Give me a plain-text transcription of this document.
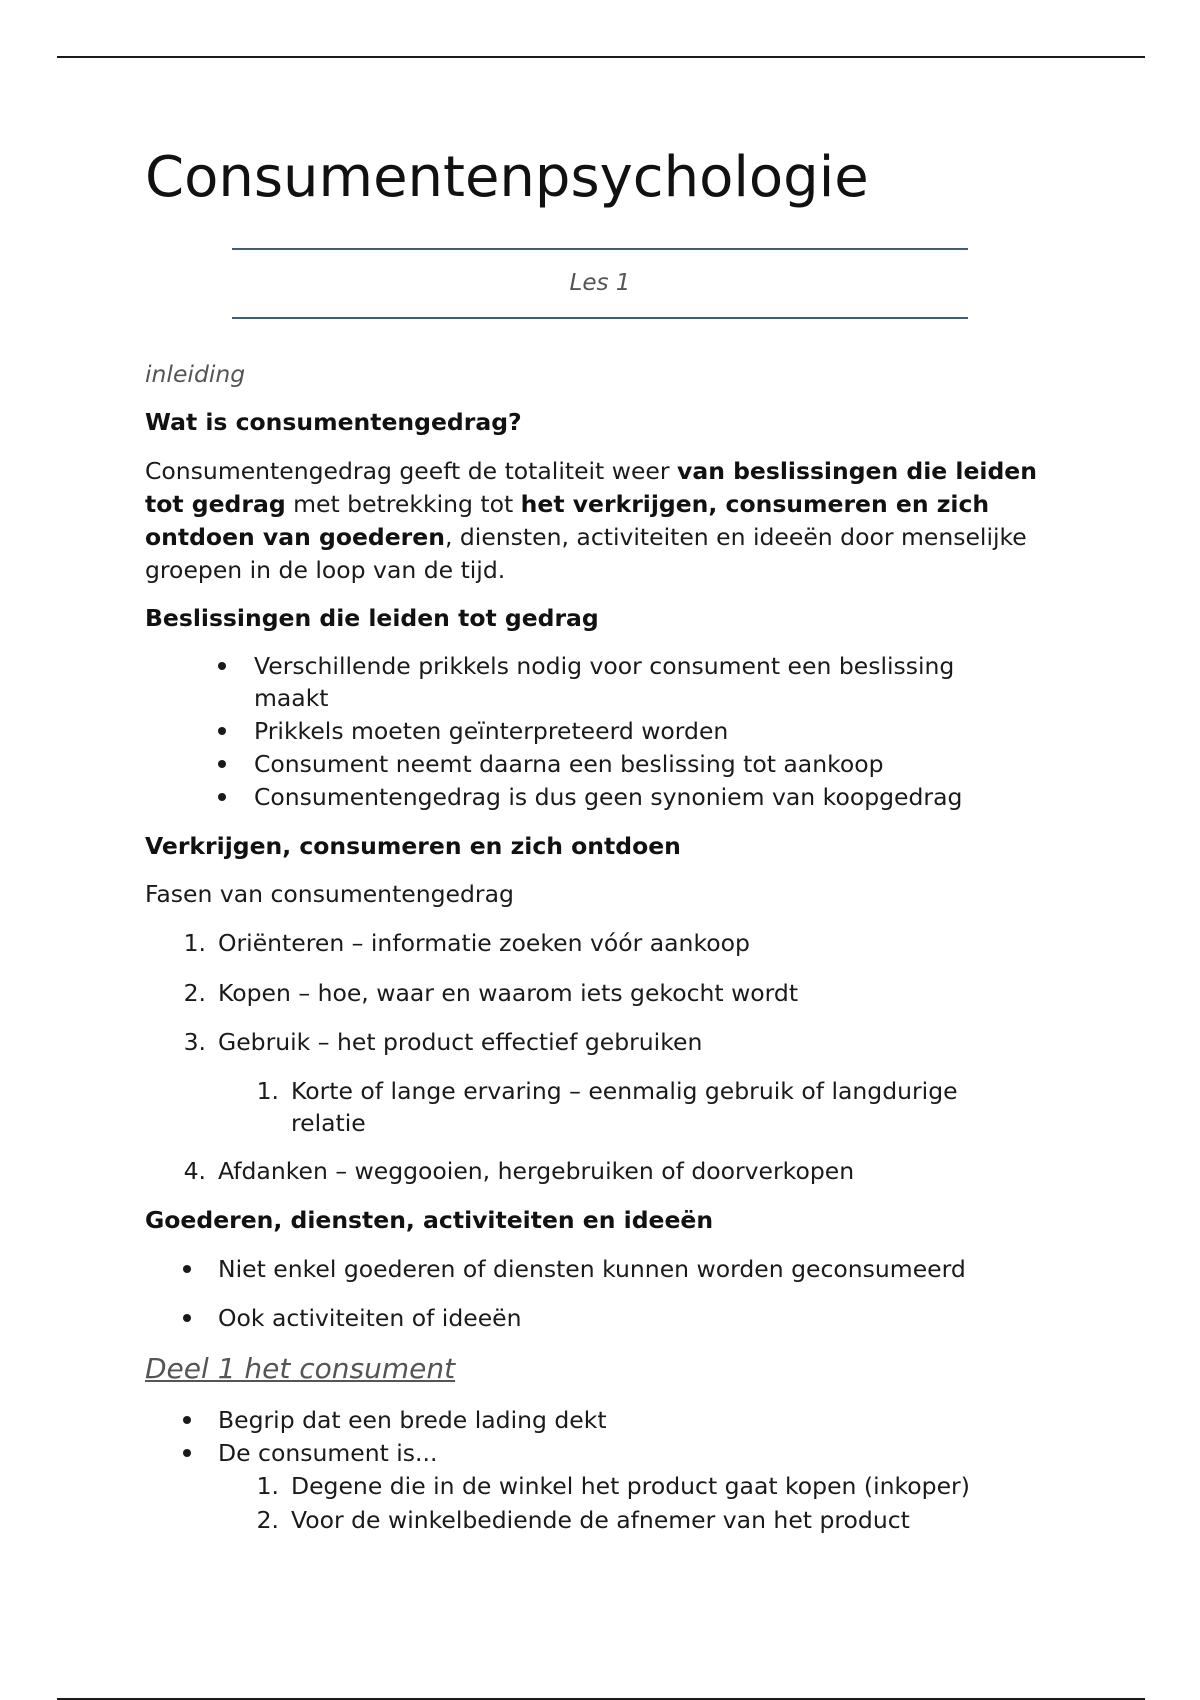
Consumentenpsychologie
Les 1
inleiding
Wat is consumentengedrag?
Consumentengedrag geeft de totaliteit weer van beslissingen die leiden tot gedrag met betrekking tot het verkrijgen, consumeren en zich ontdoen van goederen, diensten, activiteiten en ideeën door menselijke groepen in de loop van de tijd.
Beslissingen die leiden tot gedrag
Verschillende prikkels nodig voor consument een beslissing
maakt
Prikkels moeten geïnterpreteerd worden
Consument neemt daarna een beslissing tot aankoop
Consumentengedrag is dus geen synoniem van koopgedrag
Verkrijgen, consumeren en zich ontdoen
Fasen van consumentengedrag
1. Oriënteren – informatie zoeken vóór aankoop
2. Kopen – hoe, waar en waarom iets gekocht wordt
3. Gebruik – het product effectief gebruiken
1. Korte of lange ervaring – eenmalig gebruik of langdurige
relatie
4. Afdanken – weggooien, hergebruiken of doorverkopen
Goederen, diensten, activiteiten en ideeën
Niet enkel goederen of diensten kunnen worden geconsumeerd
Ook activiteiten of ideeën
Deel 1 het consument
Begrip dat een brede lading dekt
De consument is...
1. Degene die in de winkel het product gaat kopen (inkoper)
2. Voor de winkelbediende de afnemer van het product
